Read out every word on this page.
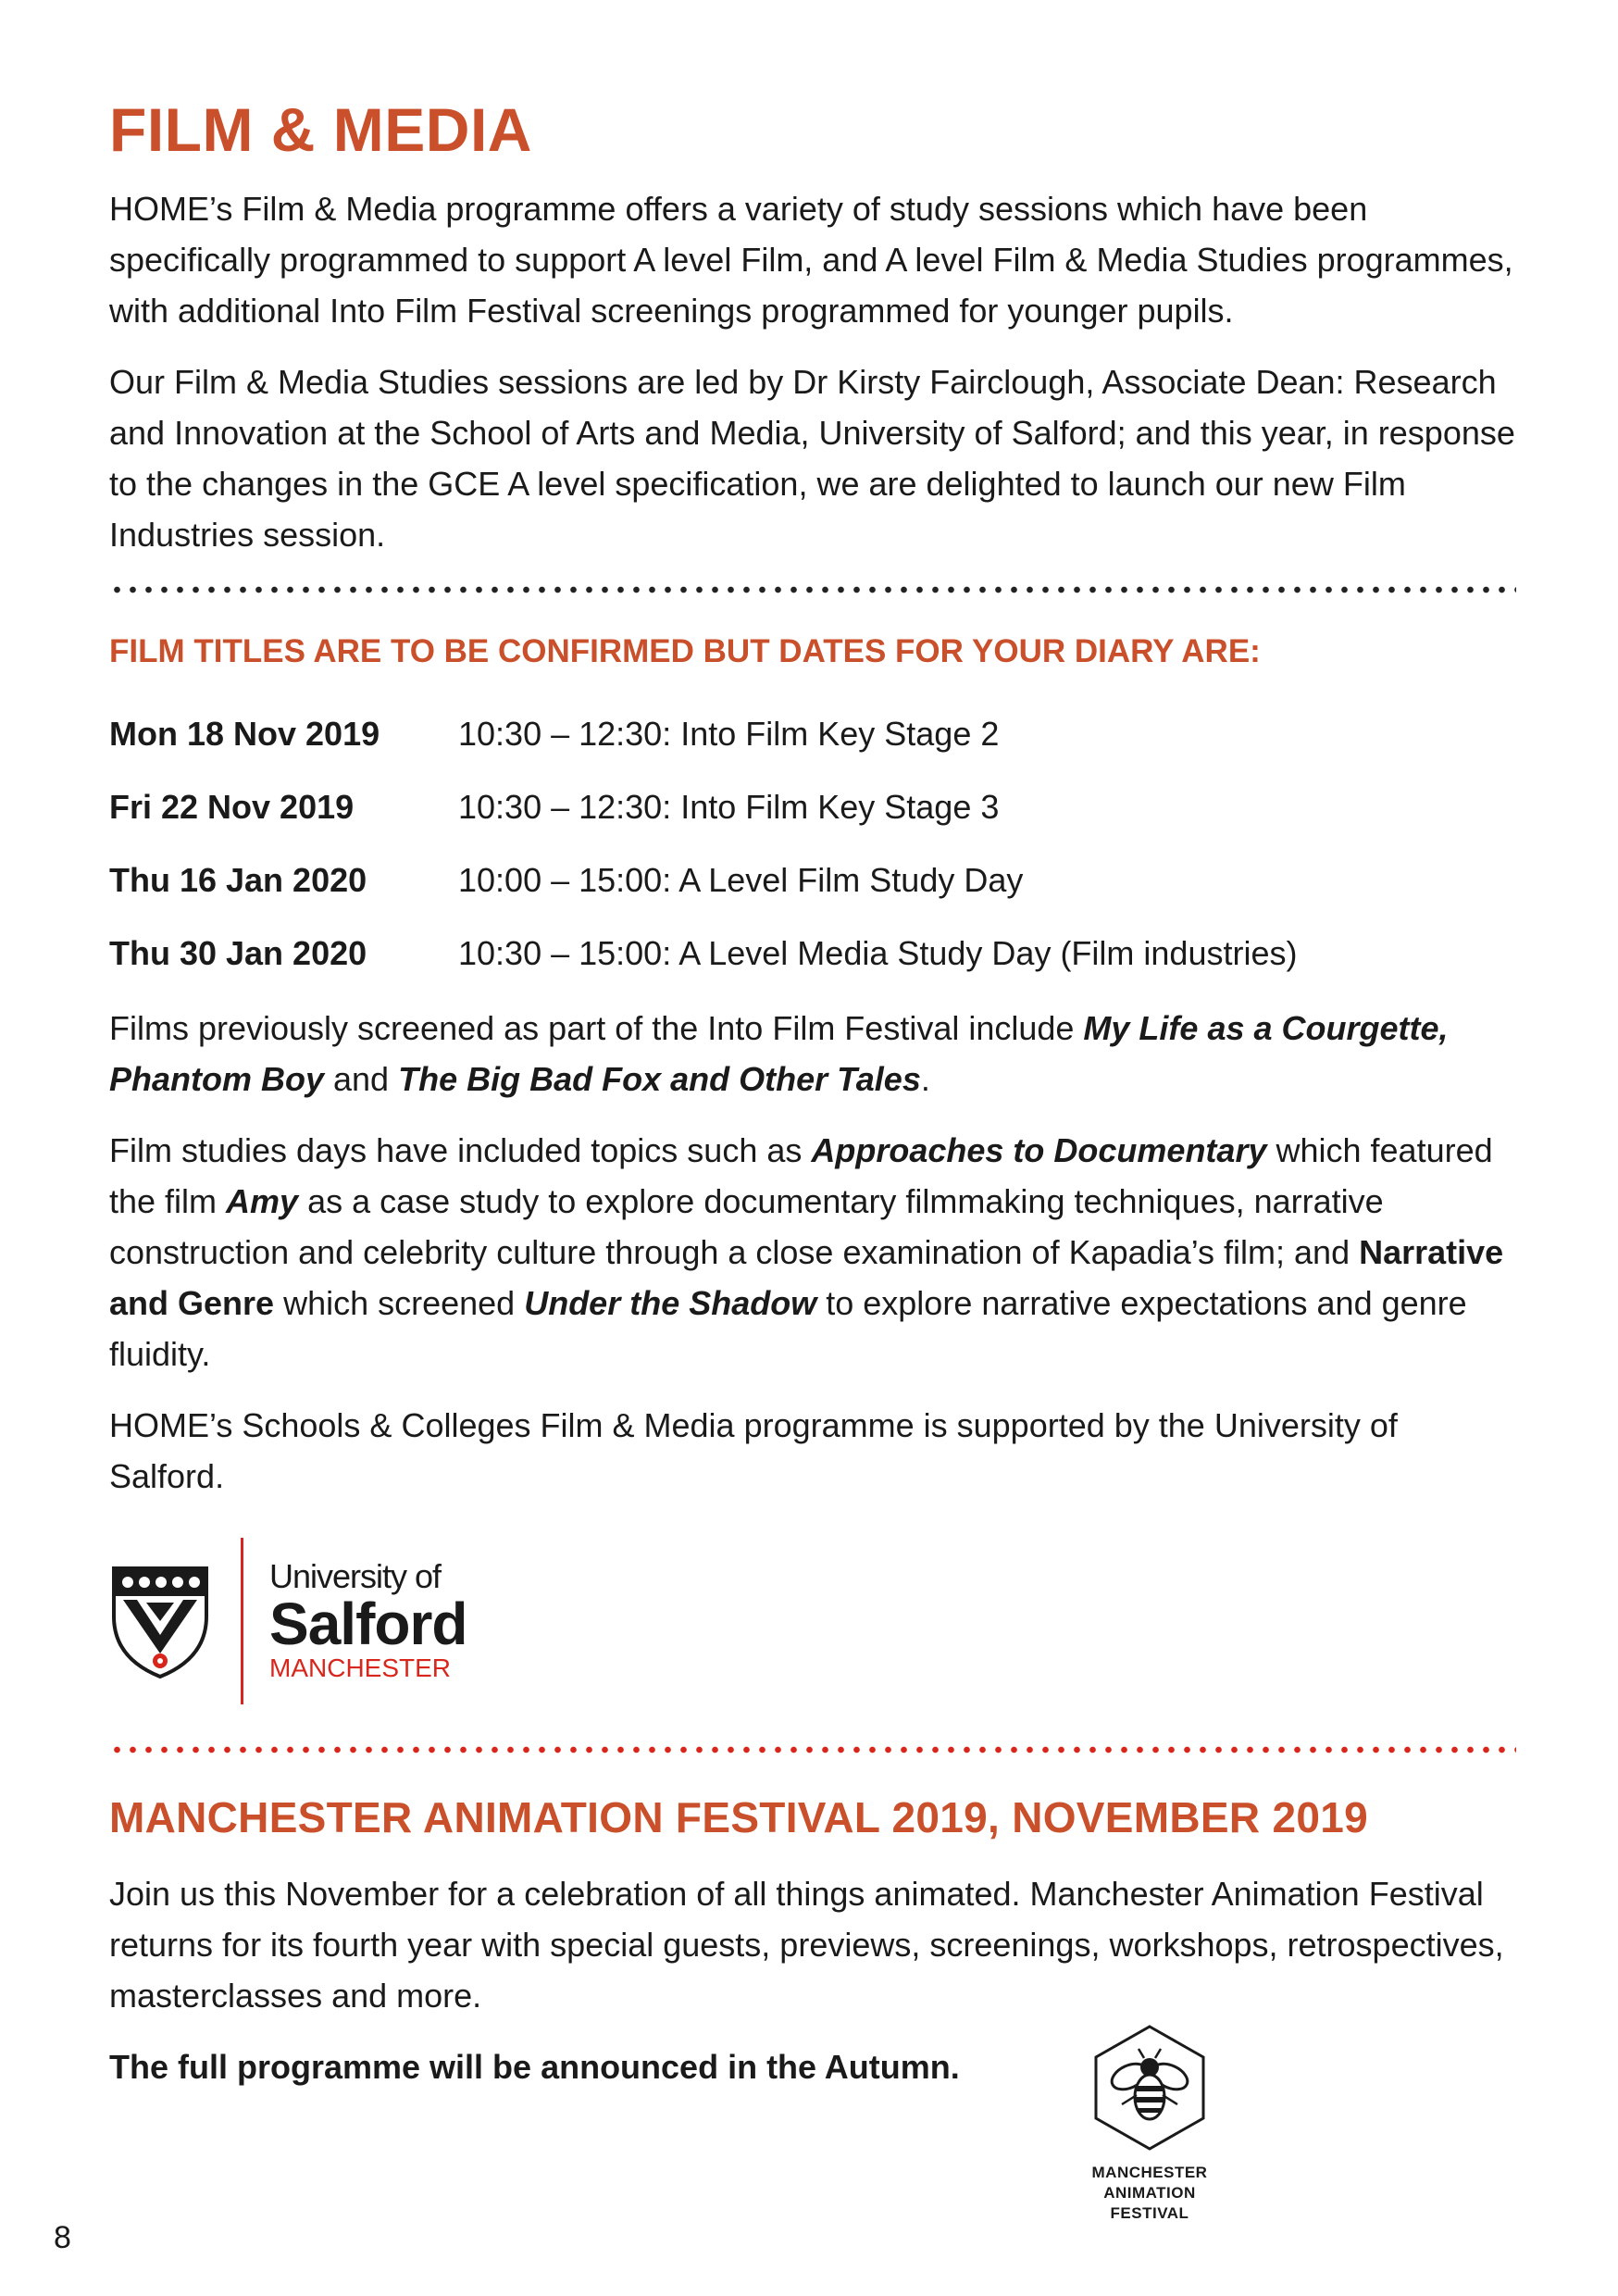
FILM & MEDIA

HOME’s Film & Media programme offers a variety of study sessions which have been specifically programmed to support A level Film, and A level Film & Media Studies programmes, with additional Into Film Festival screenings programmed for younger pupils.

Our Film & Media Studies sessions are led by Dr Kirsty Fairclough, Associate Dean: Research and Innovation at the School of Arts and Media, University of Salford; and this year, in response to the changes in the GCE A level specification, we are delighted to launch our new Film Industries session.

FILM TITLES ARE TO BE CONFIRMED BUT DATES FOR YOUR DIARY ARE:
Mon 18 Nov 2019	10:30 – 12:30: Into Film Key Stage 2
Fri 22 Nov 2019	10:30 – 12:30: Into Film Key Stage 3
Thu 16 Jan 2020	10:00 – 15:00: A Level Film Study Day
Thu 30 Jan 2020	10:30 – 15:00: A Level Media Study Day (Film industries)

Films previously screened as part of the Into Film Festival include My Life as a Courgette, Phantom Boy and The Big Bad Fox and Other Tales.

Film studies days have included topics such as Approaches to Documentary which featured the film Amy as a case study to explore documentary filmmaking techniques, narrative construction and celebrity culture through a close examination of Kapadia’s film; and Narrative and Genre which screened Under the Shadow to explore narrative expectations and genre fluidity.

HOME’s Schools & Colleges Film & Media programme is supported by the University of Salford.

University of
Salford
MANCHESTER
MANCHESTER ANIMATION FESTIVAL 2019, NOVEMBER 2019

Join us this November for a celebration of all things animated. Manchester Animation Festival returns for its fourth year with special guests, previews, screenings, workshops, retrospectives, masterclasses and more.

The full programme will be announced in the Autumn.

MANCHESTER
ANIMATION
FESTIVAL
8
